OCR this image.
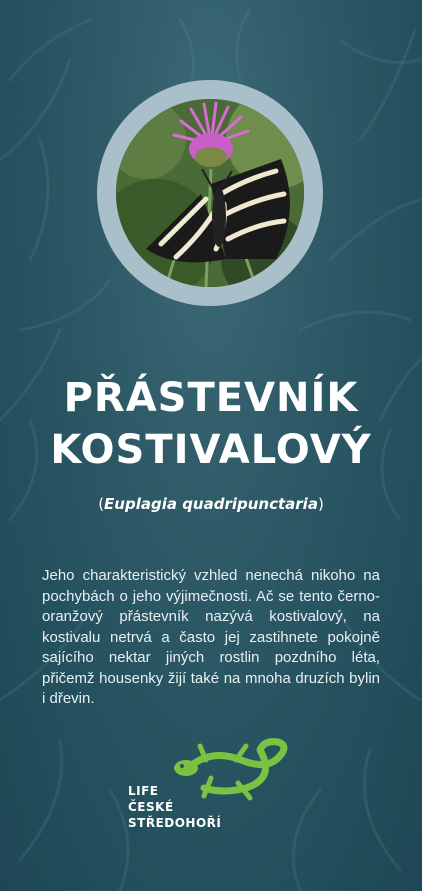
PŘÁSTEVNÍK
KOSTIVALOVÝ
(Euplagia quadripunctaria)

Jeho charakteristický vzhled nenechá nikoho na pochybách o jeho výjimečnosti. Ač se tento černo-oranžový přástevník nazývá kostivalový, na kostivalu netrvá a často jej zastihnete pokojně sajícího nektar jiných rostlin pozdního léta, přičemž housenky žijí také na mnoha druzích bylin i dřevin.

LIFE
ČESKÉ
STŘEDOHOŘÍ
